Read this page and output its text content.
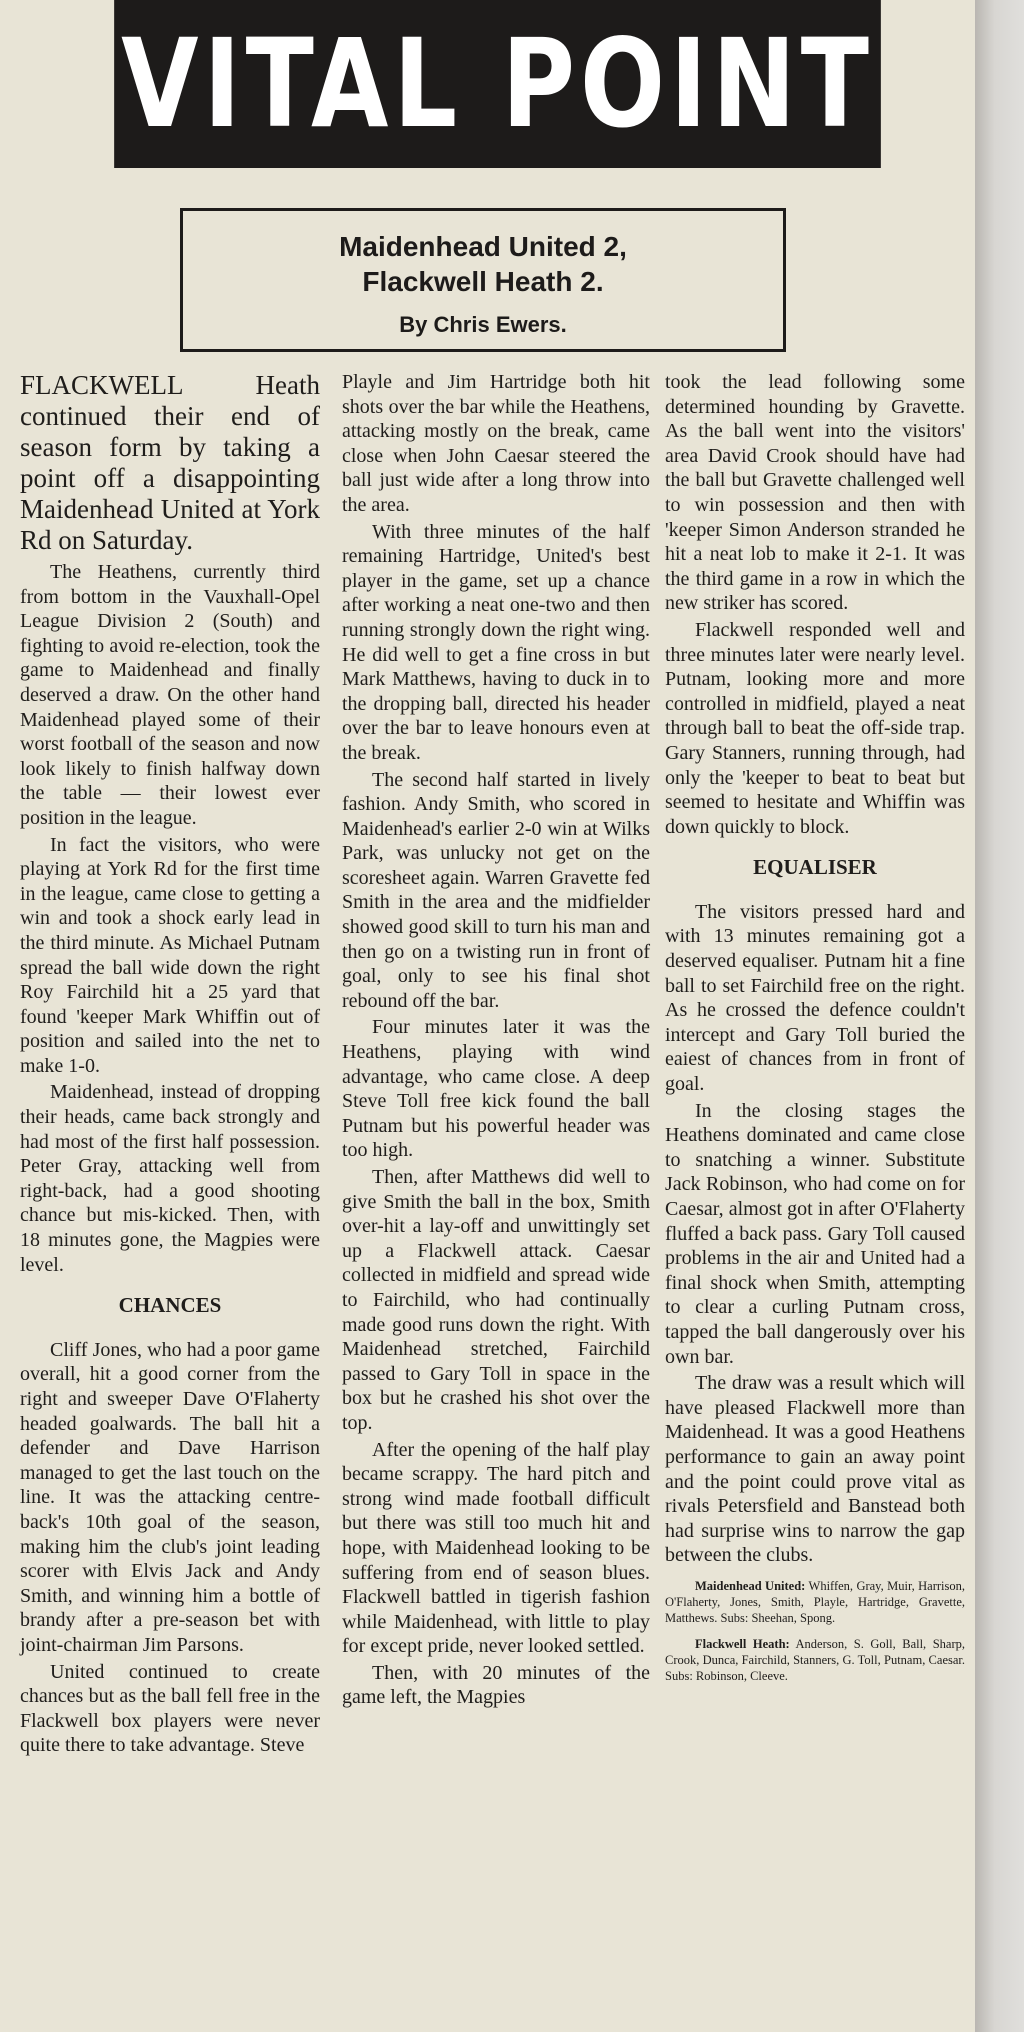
VITAL POINT
Maidenhead United 2,
Flackwell Heath 2.
By Chris Ewers.

FLACKWELL Heath continued their end of season form by taking a point off a disappointing Maidenhead United at York Rd on Saturday.

The Heathens, currently third from bottom in the Vauxhall-Opel League Division 2 (South) and fighting to avoid re-election, took the game to Maidenhead and finally deserved a draw. On the other hand Maidenhead played some of their worst football of the season and now look likely to finish halfway down the table — their lowest ever position in the league.

In fact the visitors, who were playing at York Rd for the first time in the league, came close to getting a win and took a shock early lead in the third minute. As Michael Putnam spread the ball wide down the right Roy Fairchild hit a 25 yard that found 'keeper Mark Whiffin out of position and sailed into the net to make 1-0.

Maidenhead, instead of dropping their heads, came back strongly and had most of the first half possession. Peter Gray, attacking well from right-back, had a good shooting chance but mis-kicked. Then, with 18 minutes gone, the Magpies were level.

CHANCES

Cliff Jones, who had a poor game overall, hit a good corner from the right and sweeper Dave O'Flaherty headed goalwards. The ball hit a defender and Dave Harrison managed to get the last touch on the line. It was the attacking centre-back's 10th goal of the season, making him the club's joint leading scorer with Elvis Jack and Andy Smith, and winning him a bottle of brandy after a pre-season bet with joint-chairman Jim Parsons.

United continued to create chances but as the ball fell free in the Flackwell box players were never quite there to take advantage. Steve

Playle and Jim Hartridge both hit shots over the bar while the Heathens, attacking mostly on the break, came close when John Caesar steered the ball just wide after a long throw into the area.

With three minutes of the half remaining Hartridge, United's best player in the game, set up a chance after working a neat one-two and then running strongly down the right wing. He did well to get a fine cross in but Mark Matthews, having to duck in to the dropping ball, directed his header over the bar to leave honours even at the break.

The second half started in lively fashion. Andy Smith, who scored in Maidenhead's earlier 2-0 win at Wilks Park, was unlucky not get on the scoresheet again. Warren Gravette fed Smith in the area and the midfielder showed good skill to turn his man and then go on a twisting run in front of goal, only to see his final shot rebound off the bar.

Four minutes later it was the Heathens, playing with wind advantage, who came close. A deep Steve Toll free kick found the ball Putnam but his powerful header was too high.

Then, after Matthews did well to give Smith the ball in the box, Smith over-hit a lay-off and unwittingly set up a Flackwell attack. Caesar collected in midfield and spread wide to Fairchild, who had continually made good runs down the right. With Maidenhead stretched, Fairchild passed to Gary Toll in space in the box but he crashed his shot over the top.

After the opening of the half play became scrappy. The hard pitch and strong wind made football difficult but there was still too much hit and hope, with Maidenhead looking to be suffering from end of season blues. Flackwell battled in tigerish fashion while Maidenhead, with little to play for except pride, never looked settled.

Then, with 20 minutes of the game left, the Magpies

took the lead following some determined hounding by Gravette. As the ball went into the visitors' area David Crook should have had the ball but Gravette challenged well to win possession and then with 'keeper Simon Anderson stranded he hit a neat lob to make it 2-1. It was the third game in a row in which the new striker has scored.

Flackwell responded well and three minutes later were nearly level. Putnam, looking more and more controlled in midfield, played a neat through ball to beat the off-side trap. Gary Stanners, running through, had only the 'keeper to beat to beat but seemed to hesitate and Whiffin was down quickly to block.

EQUALISER

The visitors pressed hard and with 13 minutes remaining got a deserved equaliser. Putnam hit a fine ball to set Fairchild free on the right. As he crossed the defence couldn't intercept and Gary Toll buried the eaiest of chances from in front of goal.

In the closing stages the Heathens dominated and came close to snatching a winner. Substitute Jack Robinson, who had come on for Caesar, almost got in after O'Flaherty fluffed a back pass. Gary Toll caused problems in the air and United had a final shock when Smith, attempting to clear a curling Putnam cross, tapped the ball dangerously over his own bar.

The draw was a result which will have pleased Flackwell more than Maidenhead. It was a good Heathens performance to gain an away point and the point could prove vital as rivals Petersfield and Banstead both had surprise wins to narrow the gap between the clubs.

Maidenhead United: Whiffen, Gray, Muir, Harrison, O'Flaherty, Jones, Smith, Playle, Hartridge, Gravette, Matthews. Subs: Sheehan, Spong.

Flackwell Heath: Anderson, S. Goll, Ball, Sharp, Crook, Dunca, Fairchild, Stanners, G. Toll, Putnam, Caesar. Subs: Robinson, Cleeve.
